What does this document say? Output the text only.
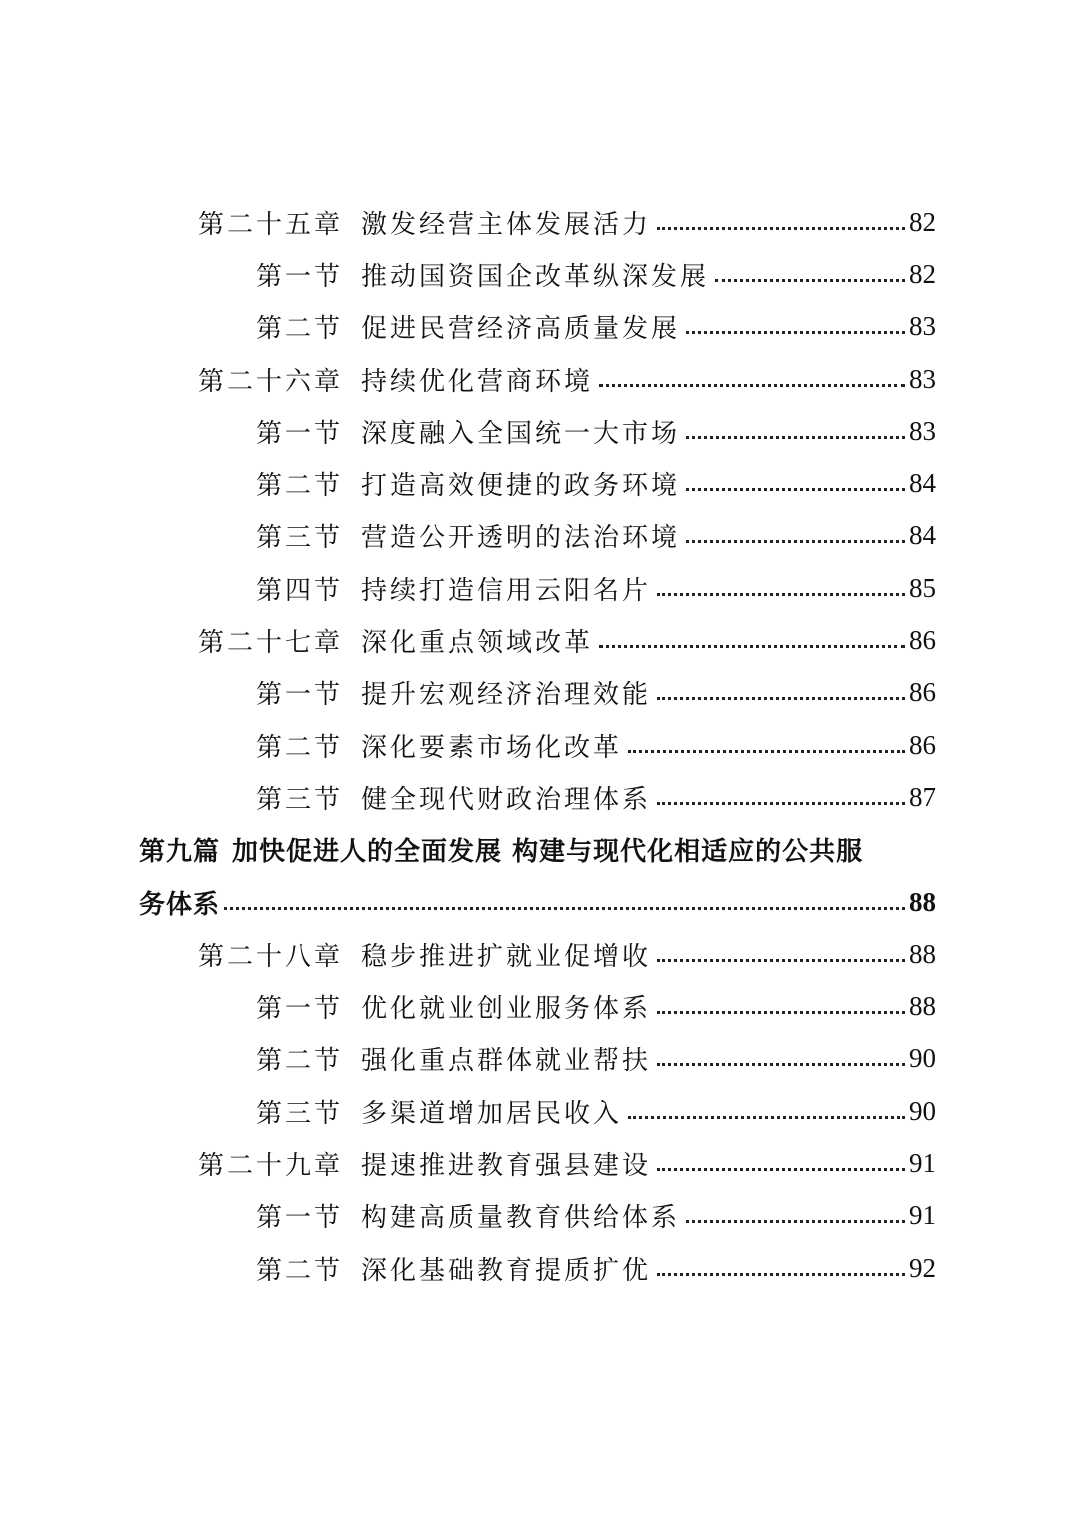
第二十五章 激发经营主体发展活力	82
第一节 推动国资国企改革纵深发展	82
第二节 促进民营经济高质量发展	83
第二十六章 持续优化营商环境	83
第一节 深度融入全国统一大市场	83
第二节 打造高效便捷的政务环境	84
第三节 营造公开透明的法治环境	84
第四节 持续打造信用云阳名片	85
第二十七章 深化重点领域改革	86
第一节 提升宏观经济治理效能	86
第二节 深化要素市场化改革	86
第三节 健全现代财政治理体系	87
第九篇 加快促进人的全面发展 构建与现代化相适应的公共服
务体系	88
第二十八章 稳步推进扩就业促增收	88
第一节 优化就业创业服务体系	88
第二节 强化重点群体就业帮扶	90
第三节 多渠道增加居民收入	90
第二十九章 提速推进教育强县建设	91
第一节 构建高质量教育供给体系	91
第二节 深化基础教育提质扩优	92
